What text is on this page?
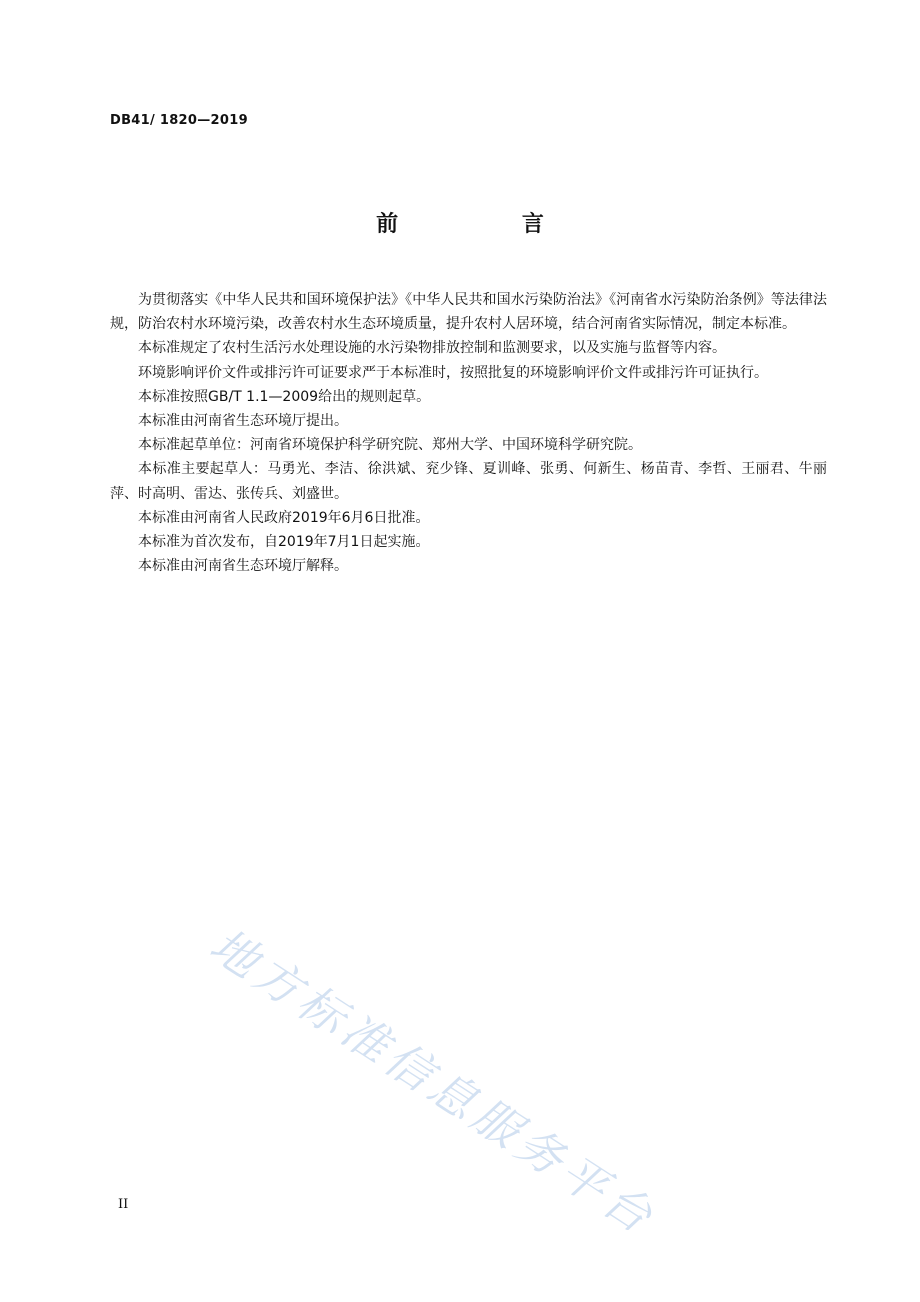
DB41/ 1820—2019
前 言

为贯彻落实《中华人民共和国环境保护法》《中华人民共和国水污染防治法》《河南省水污染防治条例》等法律法规，防治农村水环境污染，改善农村水生态环境质量，提升农村人居环境，结合河南省实际情况，制定本标准。

本标准规定了农村生活污水处理设施的水污染物排放控制和监测要求，以及实施与监督等内容。

环境影响评价文件或排污许可证要求严于本标准时，按照批复的环境影响评价文件或排污许可证执行。

本标准按照GB/T 1.1—2009给出的规则起草。

本标准由河南省生态环境厅提出。

本标准起草单位：河南省环境保护科学研究院、郑州大学、中国环境科学研究院。

本标准主要起草人：马勇光、李洁、徐洪斌、兖少锋、夏训峰、张勇、何新生、杨苗青、李哲、王丽君、牛丽萍、时高明、雷达、张传兵、刘盛世。

本标准由河南省人民政府2019年6月6日批准。

本标准为首次发布，自2019年7月1日起实施。

本标准由河南省生态环境厅解释。

地方标准信息服务平台
II
